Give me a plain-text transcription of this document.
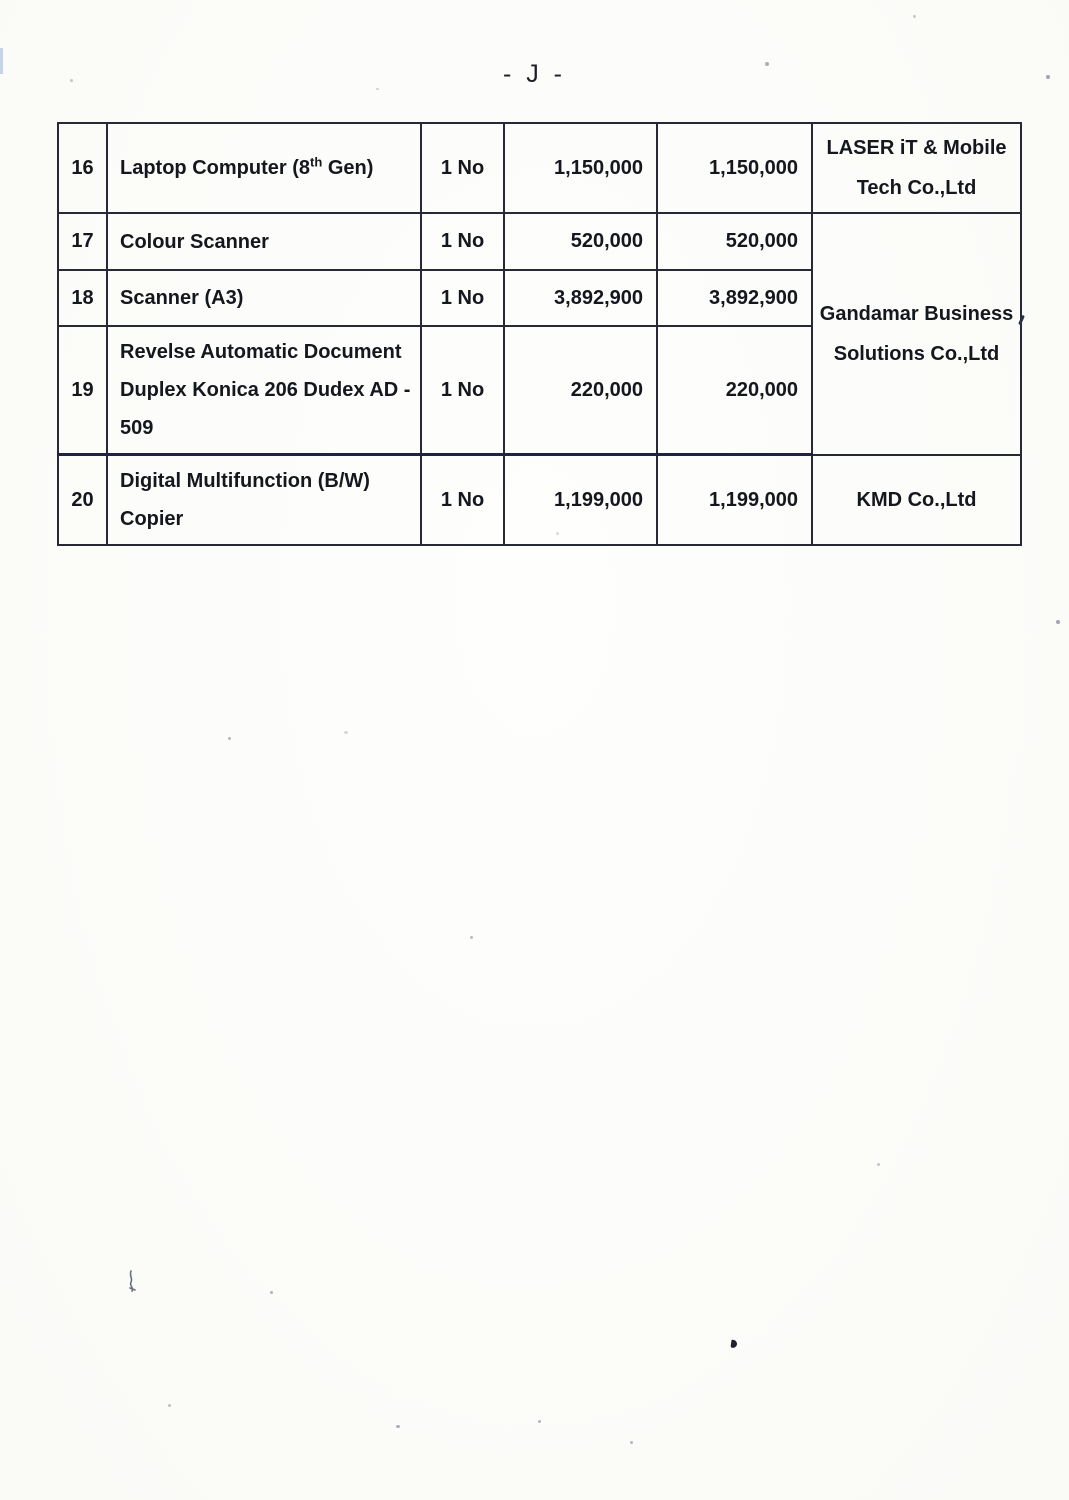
- J -
16	Laptop Computer (8th Gen)	1 No	1,150,000	1,150,000	LASER iT & Mobile Tech Co.,Ltd
17	Colour Scanner	1 No	520,000	520,000	Gandamar Business Solutions Co.,Ltd
18	Scanner (A3)	1 No	3,892,900	3,892,900	
19	Revelse Automatic Document Duplex Konica 206 Dudex AD - 509	1 No	220,000	220,000	
20	Digital Multifunction (B/W) Copier	1 No	1,199,000	1,199,000	KMD Co.,Ltd
